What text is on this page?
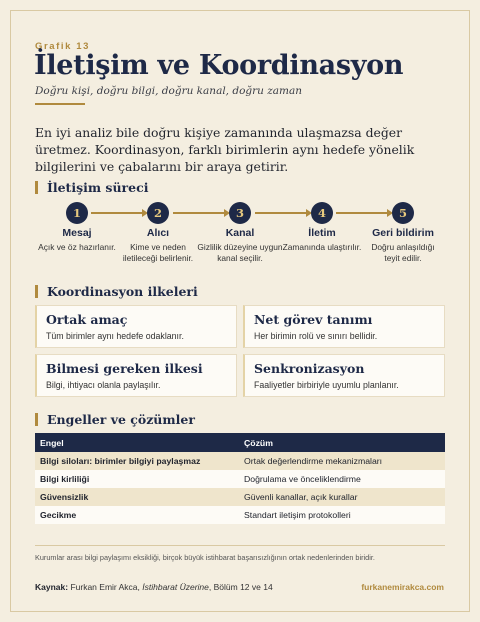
Grafik 13
İletişim ve Koordinasyon
Doğru kişi, doğru bilgi, doğru kanal, doğru zaman

En iyi analiz bile doğru kişiye zamanında ulaşmazsa değer üretmez. Koordinasyon, farklı birimlerin aynı hedefe yönelik bilgilerini ve çabalarını bir araya getirir.

İletişim süreci
1
Mesaj
Açık ve öz hazırlanır.
2
Alıcı
Kime ve neden iletileceği belirlenir.
3
Kanal
Gizlilik düzeyine uygun kanal seçilir.
4
İletim
Zamanında ulaştırılır.
5
Geri bildirim
Doğru anlaşıldığı teyit edilir.
Koordinasyon ilkeleri
Ortak amaç
Tüm birimler aynı hedefe odaklanır.
Net görev tanımı
Her birimin rolü ve sınırı bellidir.
Bilmesi gereken ilkesi
Bilgi, ihtiyacı olanla paylaşılır.
Senkronizasyon
Faaliyetler birbiriyle uyumlu planlanır.
Engeller ve çözümler
Engel	Çözüm
Bilgi siloları: birimler bilgiyi paylaşmaz	Ortak değerlendirme mekanizmaları
Bilgi kirliliği	Doğrulama ve önceliklendirme
Güvensizlik	Güvenli kanallar, açık kurallar
Gecikme	Standart iletişim protokolleri
Kurumlar arası bilgi paylaşımı eksikliği, birçok büyük istihbarat başarısızlığının ortak nedenlerinden biridir.
Kaynak: Furkan Emir Akca, İstihbarat Üzerine, Bölüm 12 ve 14	furkanemirakca.com
